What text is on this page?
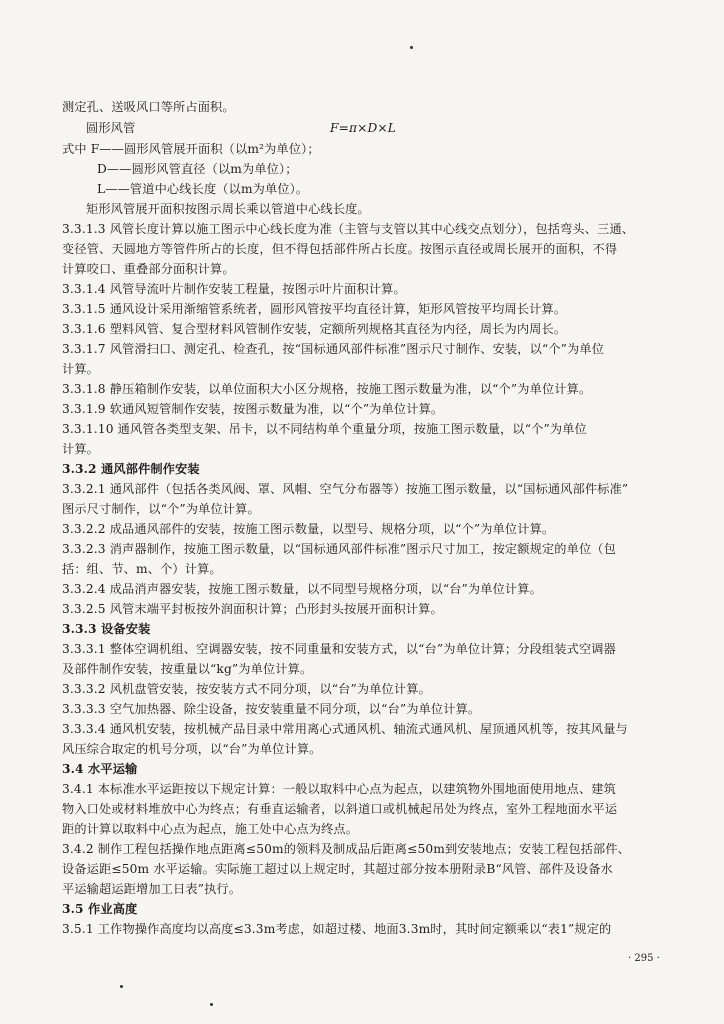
测定孔、送吸风口等所占面积。
圆形风管	F=π×D×L
式中 F——圆形风管展开面积（以m²为单位）；
D——圆形风管直径（以m为单位）；
L——管道中心线长度（以m为单位）。
矩形风管展开面积按图示周长乘以管道中心线长度。
3.3.1.3 风管长度计算以施工图示中心线长度为准（主管与支管以其中心线交点划分），包括弯头、三通、
变径管、天圆地方等管件所占的长度，但不得包括部件所占长度。按图示直径或周长展开的面积，不得
计算咬口、重叠部分面积计算。
3.3.1.4 风管导流叶片制作安装工程量，按图示叶片面积计算。
3.3.1.5 通风设计采用渐缩管系统者，圆形风管按平均直径计算，矩形风管按平均周长计算。
3.3.1.6 塑料风管、复合型材料风管制作安装，定额所列规格其直径为内径，周长为内周长。
3.3.1.7 风管滑扫口、测定孔、检查孔，按“国标通风部件标准”图示尺寸制作、安装，以“个”为单位
计算。
3.3.1.8 静压箱制作安装，以单位面积大小区分规格，按施工图示数量为准，以“个”为单位计算。
3.3.1.9 软通风短管制作安装，按图示数量为准，以“个”为单位计算。
3.3.1.10 通风管各类型支架、吊卡，以不同结构单个重量分项，按施工图示数量，以“个”为单位
计算。
3.3.2 通风部件制作安装
3.3.2.1 通风部件（包括各类风阀、罩、风帽、空气分布器等）按施工图示数量，以“国标通风部件标准”
图示尺寸制作，以“个”为单位计算。
3.3.2.2 成品通风部件的安装，按施工图示数量，以型号、规格分项，以“个”为单位计算。
3.3.2.3 消声器制作，按施工图示数量，以“国标通风部件标准”图示尺寸加工，按定额规定的单位（包
括：组、节、m、个）计算。
3.3.2.4 成品消声器安装，按施工图示数量，以不同型号规格分项，以“台”为单位计算。
3.3.2.5 风管末端平封板按外润面积计算；凸形封头按展开面积计算。
3.3.3 设备安装
3.3.3.1 整体空调机组、空调器安装，按不同重量和安装方式，以“台”为单位计算；分段组装式空调器
及部件制作安装，按重量以“kg”为单位计算。
3.3.3.2 风机盘管安装，按安装方式不同分项，以“台”为单位计算。
3.3.3.3 空气加热器、除尘设备，按安装重量不同分项，以“台”为单位计算。
3.3.3.4 通风机安装，按机械产品目录中常用离心式通风机、轴流式通风机、屋顶通风机等，按其风量与
风压综合取定的机号分项，以“台”为单位计算。
3.4 水平运输
3.4.1 本标准水平运距按以下规定计算：一般以取料中心点为起点，以建筑物外围地面使用地点、建筑
物入口处或材料堆放中心为终点；有垂直运输者，以斜道口或机械起吊处为终点，室外工程地面水平运
距的计算以取料中心点为起点，施工处中心点为终点。
3.4.2 制作工程包括操作地点距离≤50m的领料及制成品后距离≤50m到安装地点；安装工程包括部件、
设备运距≤50m 水平运输。实际施工超过以上规定时，其超过部分按本册附录B“风管、部件及设备水
平运输超运距增加工日表”执行。
3.5 作业高度
3.5.1 工作物操作高度均以高度≤3.3m考虑，如超过楼、地面3.3m时，其时间定额乘以“表1”规定的
· 295 ·
